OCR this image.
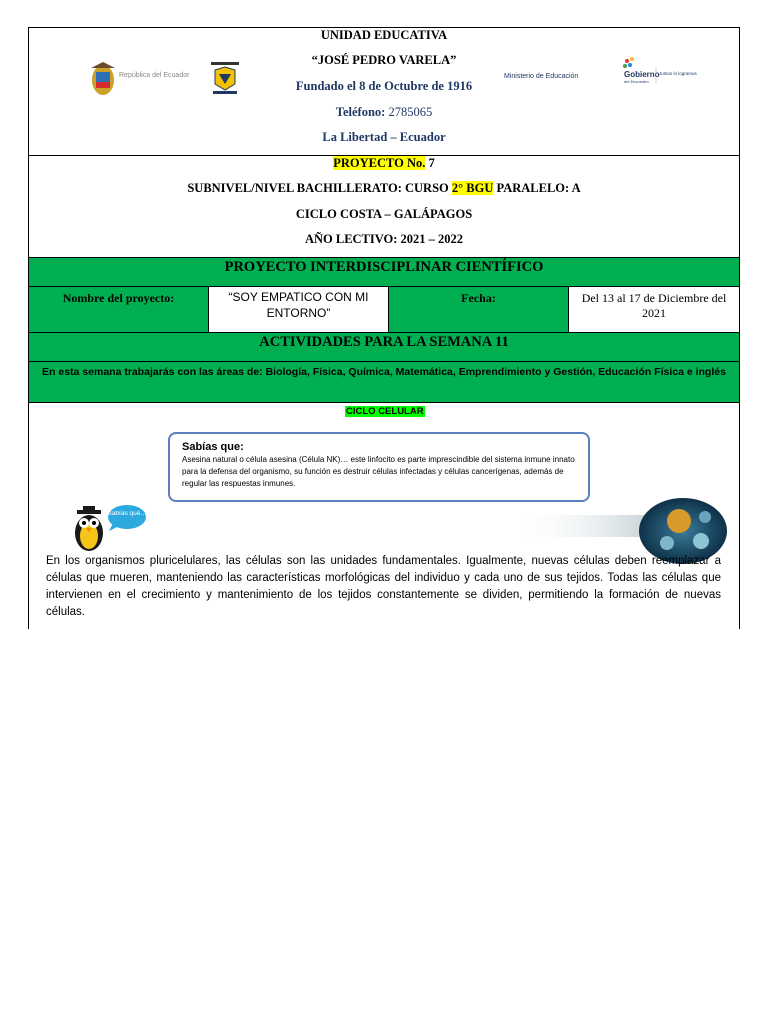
UNIDAD EDUCATIVA
“JOSÉ PEDRO VARELA”
Fundado el 8 de Octubre de 1916
Teléfono: 2785065
La Libertad – Ecuador
República del Ecuador	Ministerio de Educación	Gobierno
del Encuentro
Juntos lo logramos
PROYECTO No. 7
SUBNIVEL/NIVEL BACHILLERATO: CURSO 2° BGU PARALELO: A
CICLO COSTA – GALÁPAGOS
AÑO LECTIVO: 2021 – 2022
PROYECTO INTERDISCIPLINAR CIENTÍFICO
Nombre del proyecto:	“SOY EMPATICO CON MI ENTORNO”
Fecha:	Del 13 al 17 de Diciembre del 2021
ACTIVIDADES PARA LA SEMANA 11
En esta semana trabajarás con las áreas de: Biología, Física, Química, Matemática, Emprendimiento y Gestión, Educación Física e inglés
CICLO CELULAR
Sabías que:

Asesina natural o célula asesina (Célula NK)… este linfocito es parte imprescindible del sistema inmune innato para la defensa del organismo, su función es destruir células infectadas y células cancerígenas, además de regular las respuestas inmunes.

¿Sabías qué…?
En los organismos pluricelulares, las células son las unidades fundamentales. Igualmente, nuevas células deben reemplazar a células que mueren, manteniendo las características morfológicas del individuo y cada uno de sus tejidos. Todas las células que intervienen en el crecimiento y mantenimiento de los tejidos constantemente se dividen, permitiendo la formación de nuevas células.
